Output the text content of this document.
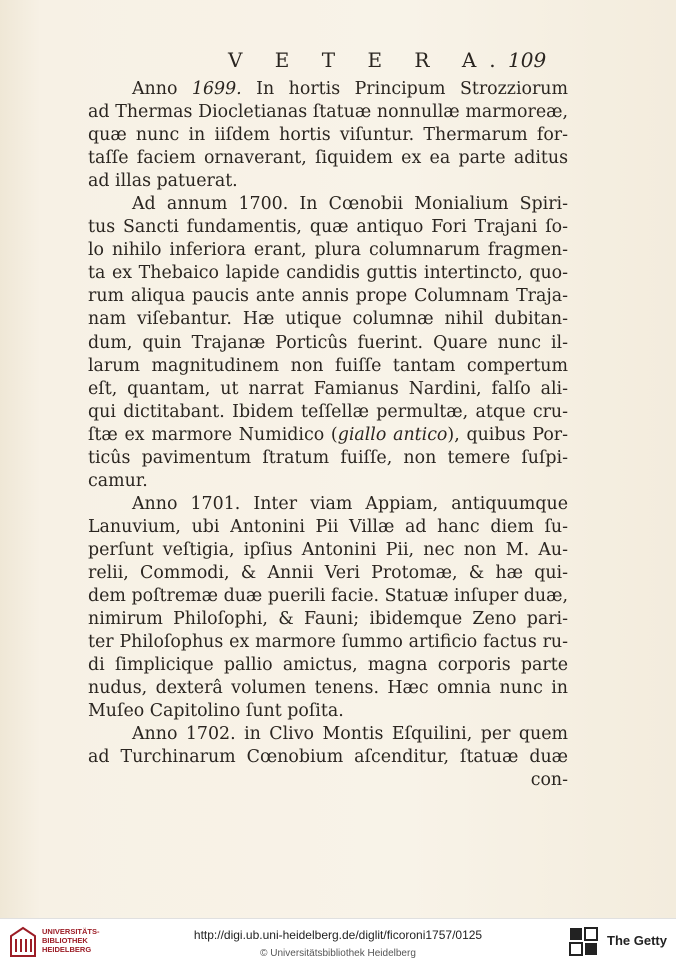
V E T E R A. 109
Anno 1699. In hortis Principum Strozziorum
ad Thermas Diocletianas ſtatuæ nonnullæ marmoreæ,
quæ nunc in iiſdem hortis viſuntur. Thermarum for-
taſſe faciem ornaverant, ſiquidem ex ea parte aditus
ad illas patuerat.
Ad annum 1700. In Cœnobii Monialium Spiri-
tus Sancti fundamentis, quæ antiquo Fori Trajani ſo-
lo nihilo inferiora erant, plura columnarum fragmen-
ta ex Thebaico lapide candidis guttis intertincto, quo-
rum aliqua paucis ante annis prope Columnam Traja-
nam viſebantur. Hæ utique columnæ nihil dubitan-
dum, quin Trajanæ Porticûs fuerint. Quare nunc il-
larum magnitudinem non fuiſſe tantam compertum
eſt, quantam, ut narrat Famianus Nardini, falſo ali-
qui dictitabant. Ibidem teſſellæ permultæ, atque cru-
ſtæ ex marmore Numidico (giallo antico), quibus Por-
ticûs pavimentum ſtratum fuiſſe, non temere ſuſpi-
camur.
Anno 1701. Inter viam Appiam, antiquumque
Lanuvium, ubi Antonini Pii Villæ ad hanc diem ſu-
perſunt veſtigia, ipſius Antonini Pii, nec non M. Au-
relii, Commodi, & Annii Veri Protomæ, & hæ qui-
dem poſtremæ duæ puerili facie. Statuæ inſuper duæ,
nimirum Philoſophi, & Fauni; ibidemque Zeno pari-
ter Philoſophus ex marmore ſummo artificio factus ru-
di ſimplicique pallio amictus, magna corporis parte
nudus, dexterâ volumen tenens. Hæc omnia nunc in
Muſeo Capitolino ſunt poſita.
Anno 1702. in Clivo Montis Eſquilini, per quem
ad Turchinarum Cœnobium aſcenditur, ſtatuæ duæ
con-
UNIVERSITÄTS- BIBLIOTHEK HEIDELBERG
http://digi.ub.uni-heidelberg.de/diglit/ficoroni1757/0125
© Universitätsbibliothek Heidelberg
The Getty
